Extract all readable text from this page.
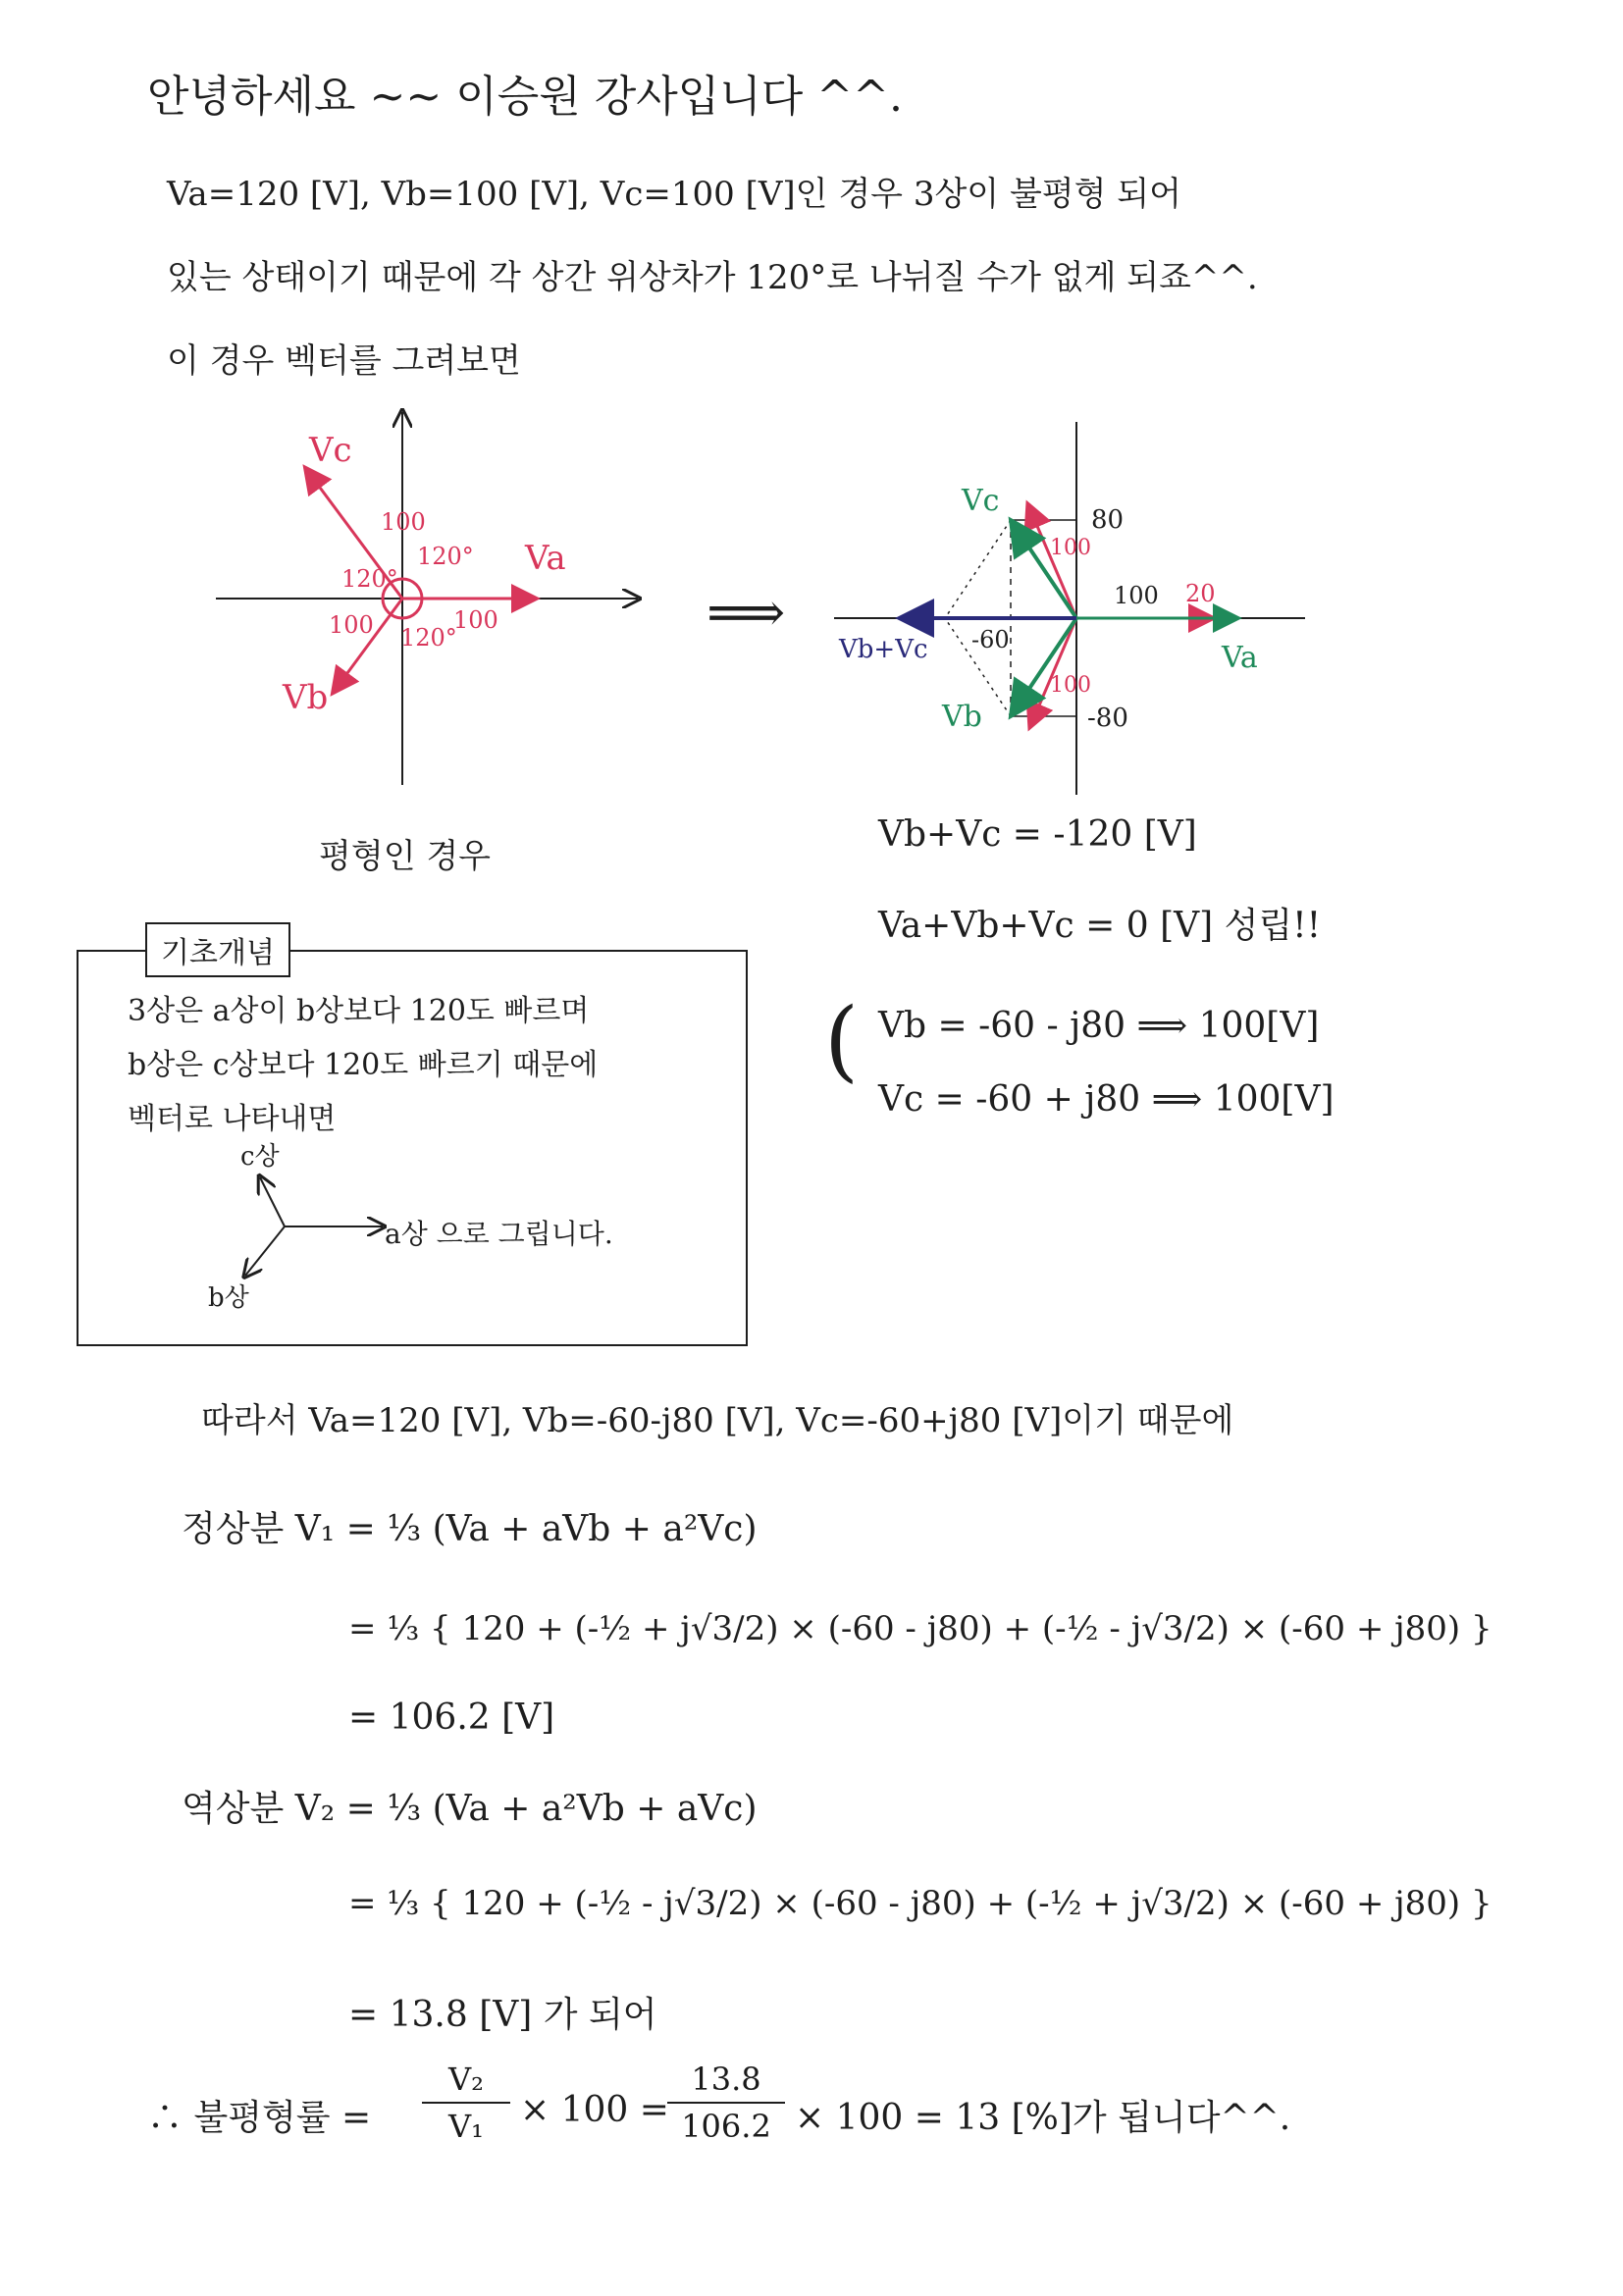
안녕하세요 ~~ 이승원 강사입니다 ^^.
Va=120 [V], Vb=100 [V], Vc=100 [V]인 경우 3상이 불평형 되어
있는 상태이기 때문에 각 상간 위상차가 120°로 나뉘질 수가 없게 되죠^^.
이 경우 벡터를 그려보면
Vc
Va
Vb
100
100
100
120°
120°
120°
평형인 경우
⟹
Vc
Vb
Va
Vb+Vc
80
-80
-60
100 20
100
100
Vb+Vc = -120 [V]
Va+Vb+Vc = 0 [V] 성립!!
( Vb = -60 - j80 ⟹ 100[V]
Vc = -60 + j80 ⟹ 100[V]
기초개념
3상은 a상이 b상보다 120도 빠르며
b상은 c상보다 120도 빠르기 때문에
벡터로 나타내면
c상
a상 으로 그립니다.
b상
따라서 Va=120 [V], Vb=-60-j80 [V], Vc=-60+j80 [V]이기 때문에
정상분 V₁ = ⅓ (Va + aVb + a²Vc)
= ⅓ { 120 + (-½ + j√3/2) × (-60 - j80) + (-½ - j√3/2) × (-60 + j80) }
= 106.2 [V]
역상분 V₂ = ⅓ (Va + a²Vb + aVc)
= ⅓ { 120 + (-½ - j√3/2) × (-60 - j80) + (-½ + j√3/2) × (-60 + j80) }
= 13.8 [V] 가 되어
∴ 불평형률 =
V₂
V₁	× 100 =
13.8
106.2 × 100 = 13 [%]가 됩니다^^.
